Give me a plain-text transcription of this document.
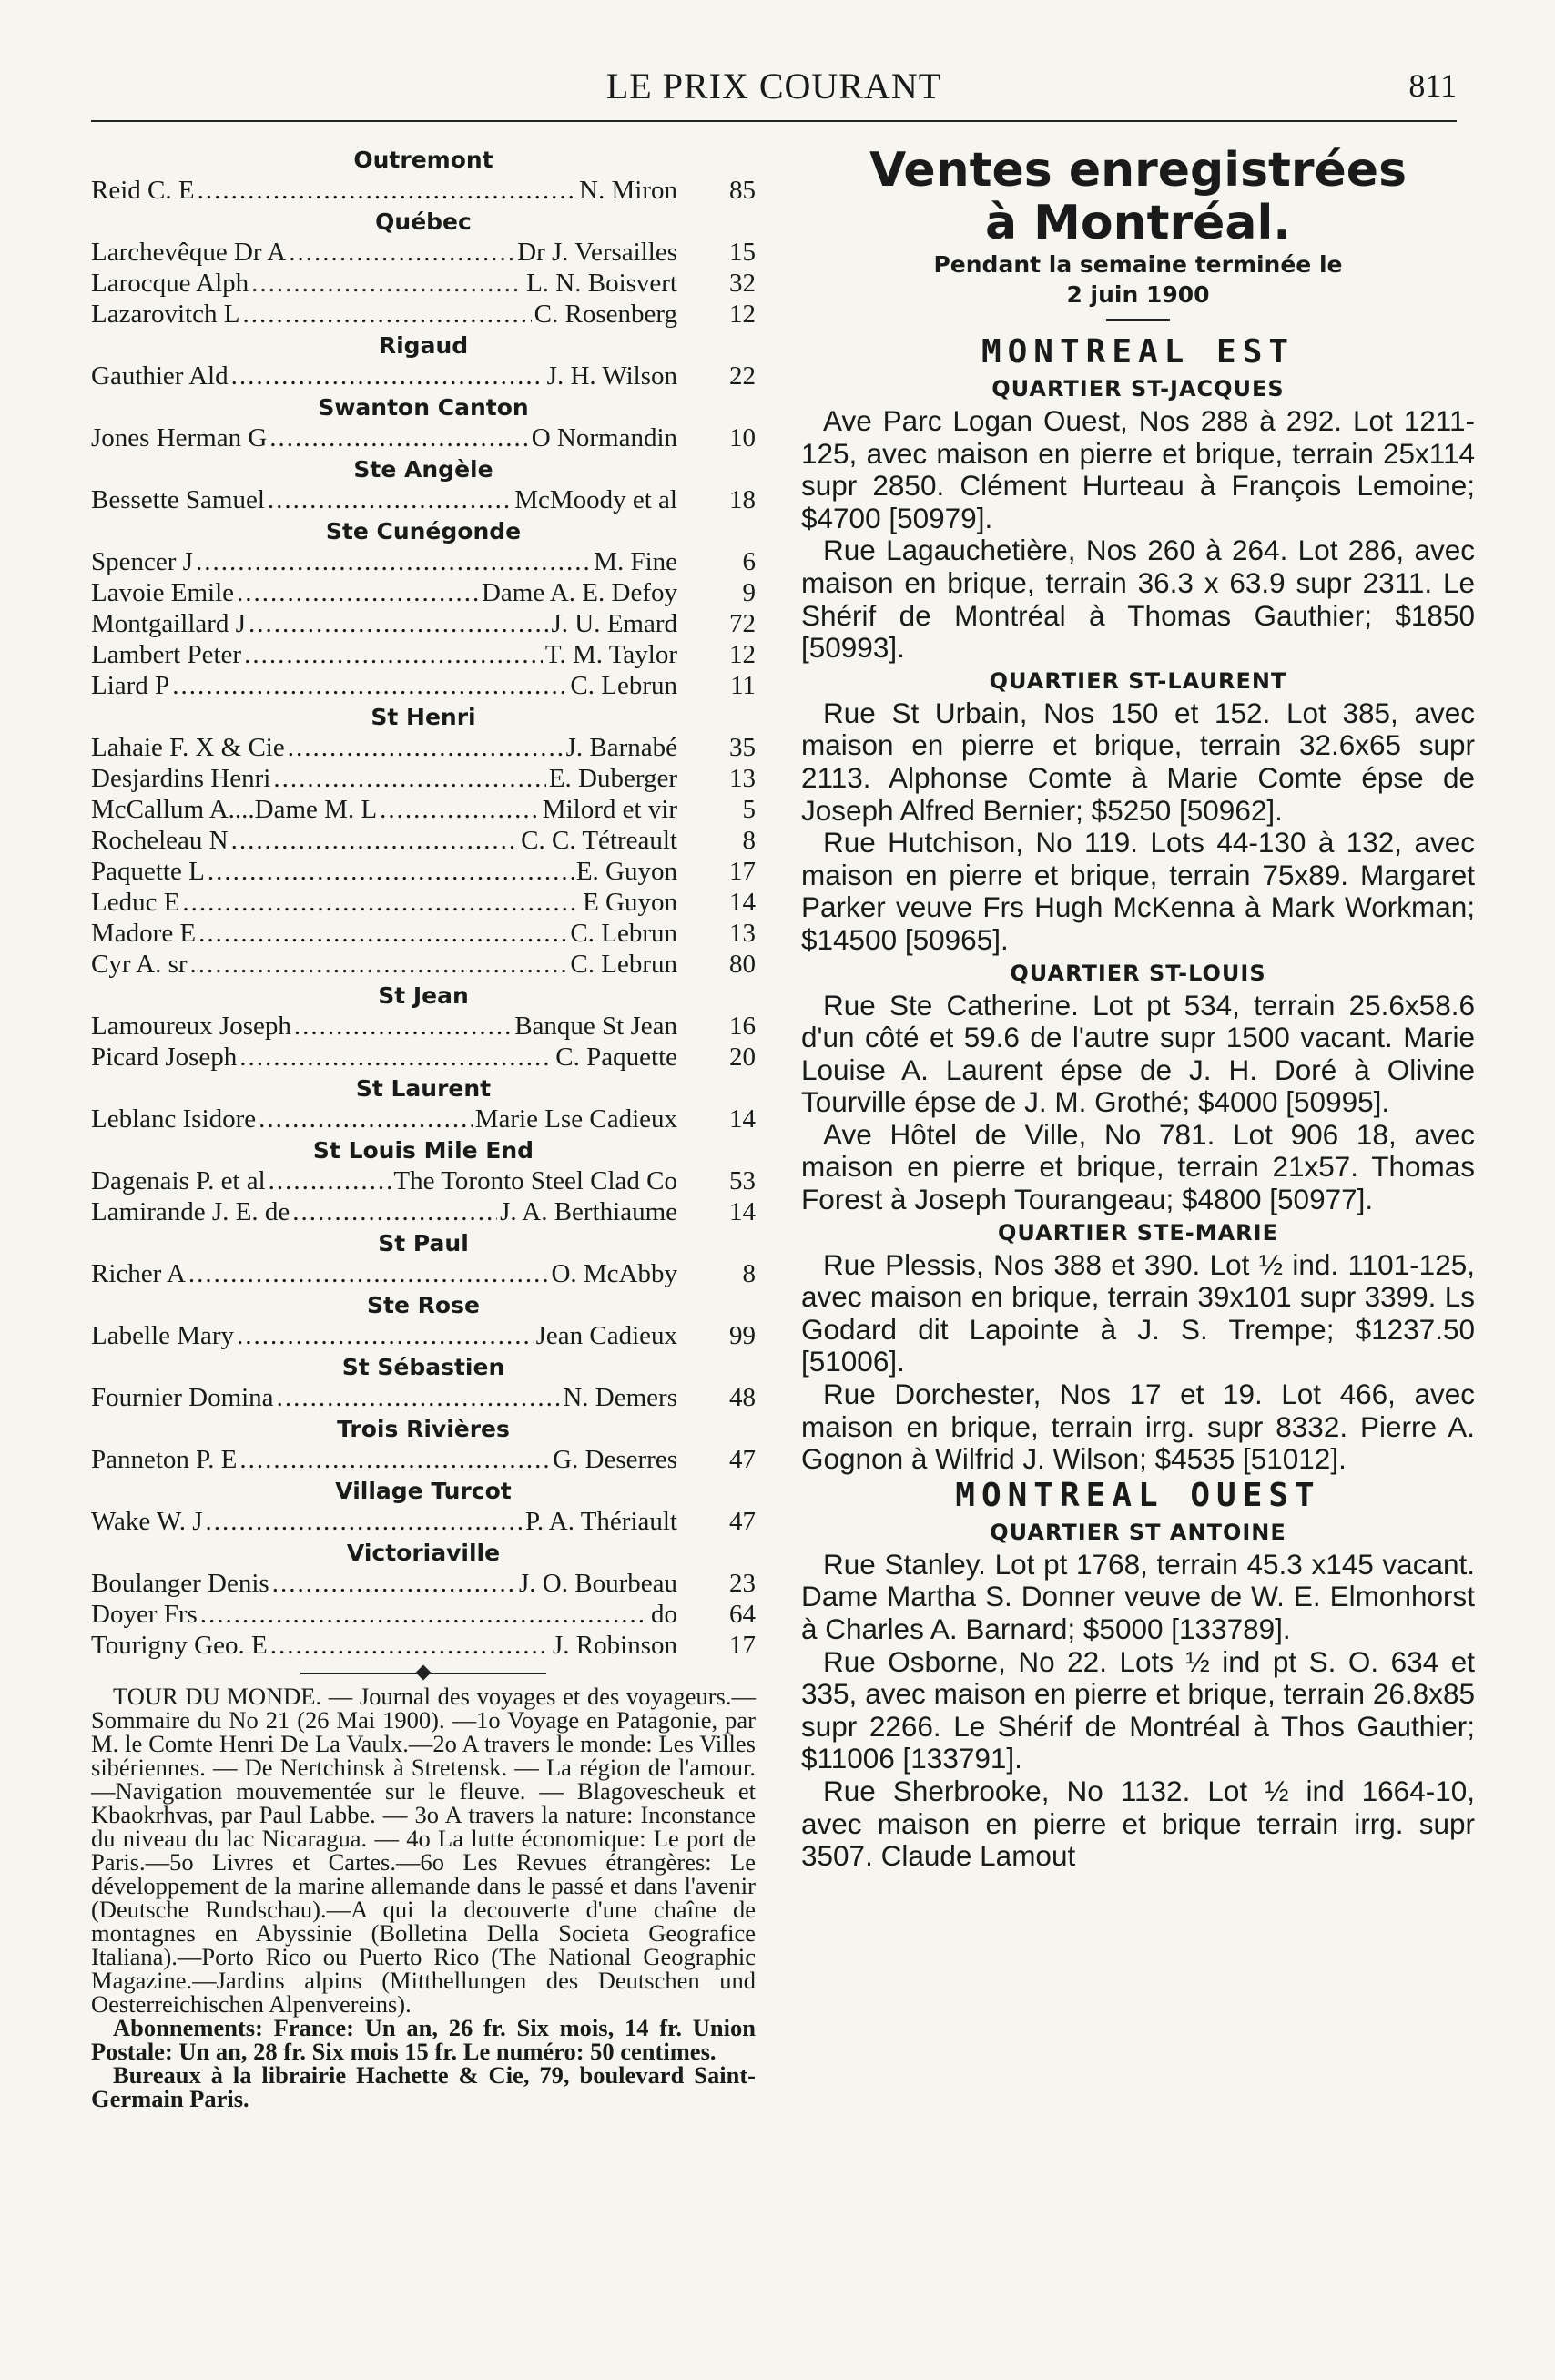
LE PRIX COURANT	811
Outremont
Reid C. E .....	N. Miron	85
Québec
Larchevêque Dr A .....	Dr J. Versailles	15
Larocque Alph .....	L. N. Boisvert	32
Lazarovitch L .....	C. Rosenberg	12
Rigaud
Gauthier Ald .....	J. H. Wilson	22
Swanton Canton
Jones Herman G .....	O Normandin	10
Ste Angèle
Bessette Samuel .....	McMoody et al	18
Ste Cunégonde
Spencer J .....	M. Fine	6
Lavoie Emile .....	Dame A. E. Defoy	9
Montgaillard J .....	J. U. Emard	72
Lambert Peter .....	T. M. Taylor	12
Liard P .....	C. Lebrun	11
St Henri
Lahaie F. X & Cie .....	J. Barnabé	35
Desjardins Henri .....	E. Duberger	13
McCallum A....Dame M. L .....	Milord et vir	5
Rocheleau N .....	C. C. Tétreault	8
Paquette L .....	E. Guyon	17
Leduc E .....	E Guyon	14
Madore E .....	C. Lebrun	13
Cyr A. sr .....	C. Lebrun	80
St Jean
Lamoureux Joseph .....	Banque St Jean	16
Picard Joseph .....	C. Paquette	20
St Laurent
Leblanc Isidore .....	Marie Lse Cadieux	14
St Louis Mile End
Dagenais P. et al .....	The Toronto Steel Clad Co	53
Lamirande J. E. de .....	J. A. Berthiaume	14
St Paul
Richer A .....	O. McAbby	8
Ste Rose
Labelle Mary .....	Jean Cadieux	99
St Sébastien
Fournier Domina .....	N. Demers	48
Trois Rivières
Panneton P. E .....	G. Deserres	47
Village Turcot
Wake W. J .....	P. A. Thériault	47
Victoriaville
Boulanger Denis .....	J. O. Bourbeau	23
Doyer Frs .....	do	64
Tourigny Geo. E .....	J. Robinson	17

TOUR DU MONDE. — Journal des voyages et des voyageurs.—Sommaire du No 21 (26 Mai 1900). —1o Voyage en Patagonie, par M. le Comte Henri De La Vaulx.—2o A travers le monde: Les Villes sibériennes. — De Nertchinsk à Stretensk. — La région de l'amour.—Navigation mouvementée sur le fleuve. — Blagovescheuk et Kbaokrhvas, par Paul Labbe. — 3o A travers la nature: Inconstance du niveau du lac Nicaragua. — 4o La lutte économique: Le port de Paris.—5o Livres et Cartes.—6o Les Revues étrangères: Le développement de la marine allemande dans le passé et dans l'avenir (Deutsche Rundschau).—A qui la decouverte d'une chaîne de montagnes en Abyssinie (Bolletina Della Societa Geografice Italiana).—Porto Rico ou Puerto Rico (The National Geographic Magazine.—Jardins alpins (Mitthellungen des Deutschen und Oesterreichischen Alpenvereins).

Abonnements: France: Un an, 26 fr. Six mois, 14 fr. Union Postale: Un an, 28 fr. Six mois 15 fr. Le numéro: 50 centimes.

Bureaux à la librairie Hachette & Cie, 79, boulevard Saint-Germain Paris.

Ventes enregistrées
à Montréal.
Pendant la semaine terminée le
2 juin 1900
MONTREAL EST
QUARTIER ST-JACQUES

Ave Parc Logan Ouest, Nos 288 à 292. Lot 1211-125, avec maison en pierre et brique, terrain 25x114 supr 2850. Clément Hurteau à François Lemoine; $4700 [50979].

Rue Lagauchetière, Nos 260 à 264. Lot 286, avec maison en brique, terrain 36.3 x 63.9 supr 2311. Le Shérif de Montréal à Thomas Gauthier; $1850 [50993].

QUARTIER ST-LAURENT

Rue St Urbain, Nos 150 et 152. Lot 385, avec maison en pierre et brique, terrain 32.6x65 supr 2113. Alphonse Comte à Marie Comte épse de Joseph Alfred Bernier; $5250 [50962].

Rue Hutchison, No 119. Lots 44-130 à 132, avec maison en pierre et brique, terrain 75x89. Margaret Parker veuve Frs Hugh McKenna à Mark Workman; $14500 [50965].

QUARTIER ST-LOUIS

Rue Ste Catherine. Lot pt 534, terrain 25.6x58.6 d'un côté et 59.6 de l'autre supr 1500 vacant. Marie Louise A. Laurent épse de J. H. Doré à Olivine Tourville épse de J. M. Grothé; $4000 [50995].

Ave Hôtel de Ville, No 781. Lot 906 18, avec maison en pierre et brique, terrain 21x57. Thomas Forest à Joseph Tourangeau; $4800 [50977].

QUARTIER STE-MARIE

Rue Plessis, Nos 388 et 390. Lot ½ ind. 1101-125, avec maison en brique, terrain 39x101 supr 3399. Ls Godard dit Lapointe à J. S. Trempe; $1237.50 [51006].

Rue Dorchester, Nos 17 et 19. Lot 466, avec maison en brique, terrain irrg. supr 8332. Pierre A. Gognon à Wilfrid J. Wilson; $4535 [51012].

MONTREAL OUEST
QUARTIER ST ANTOINE

Rue Stanley. Lot pt 1768, terrain 45.3 x145 vacant. Dame Martha S. Donner veuve de W. E. Elmonhorst à Charles A. Barnard; $5000 [133789].

Rue Osborne, No 22. Lots ½ ind pt S. O. 634 et 335, avec maison en pierre et brique, terrain 26.8x85 supr 2266. Le Shérif de Montréal à Thos Gauthier; $11006 [133791].

Rue Sherbrooke, No 1132. Lot ½ ind 1664-10, avec maison en pierre et brique terrain irrg. supr 3507. Claude Lamout
